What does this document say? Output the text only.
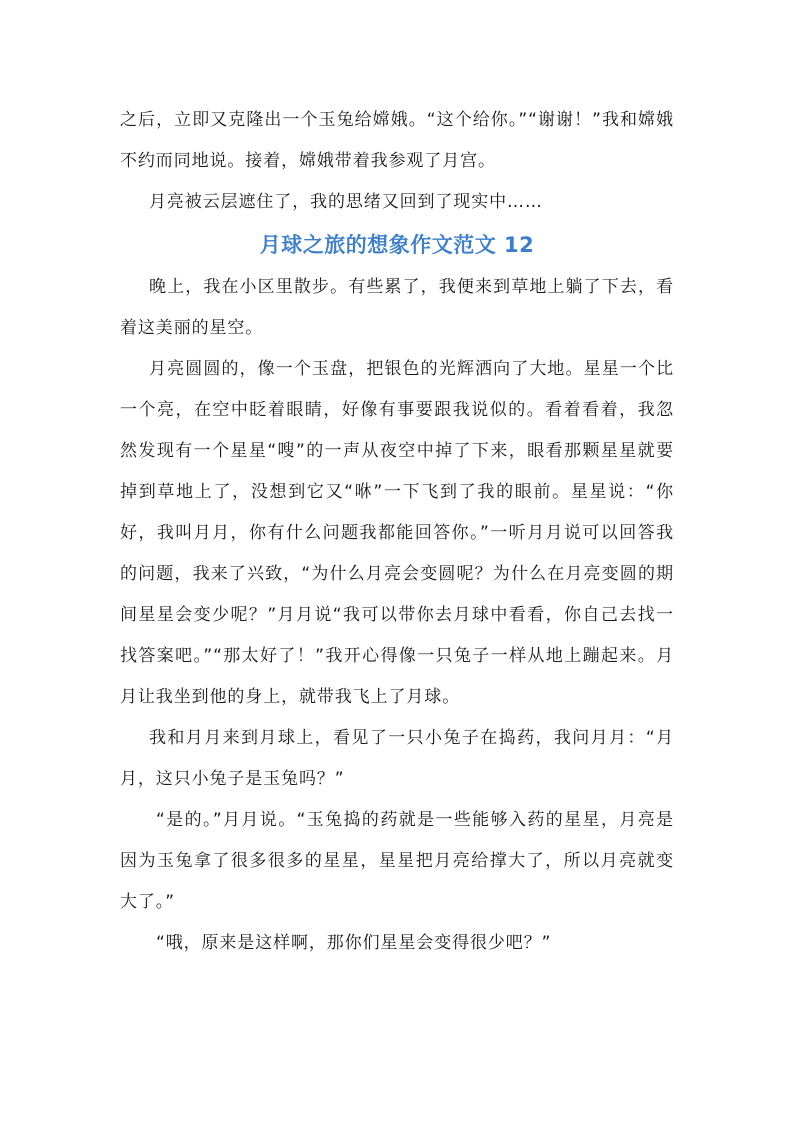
之后，立即又克隆出一个玉兔给嫦娥。“这个给你。”“谢谢！”我和嫦娥不约而同地说。接着，嫦娥带着我参观了月宫。

月亮被云层遮住了，我的思绪又回到了现实中……

月球之旅的想象作文范文 12

晚上，我在小区里散步。有些累了，我便来到草地上躺了下去，看着这美丽的星空。

月亮圆圆的，像一个玉盘，把银色的光辉洒向了大地。星星一个比一个亮，在空中眨着眼睛，好像有事要跟我说似的。看着看着，我忽然发现有一个星星“嗖”的一声从夜空中掉了下来，眼看那颗星星就要掉到草地上了，没想到它又“咻”一下飞到了我的眼前。星星说：“你好，我叫月月，你有什么问题我都能回答你。”一听月月说可以回答我的问题，我来了兴致，“为什么月亮会变圆呢？为什么在月亮变圆的期间星星会变少呢？”月月说“我可以带你去月球中看看，你自己去找一找答案吧。”“那太好了！”我开心得像一只兔子一样从地上蹦起来。月月让我坐到他的身上，就带我飞上了月球。

我和月月来到月球上，看见了一只小兔子在捣药，我问月月：“月月，这只小兔子是玉兔吗？”

“是的。”月月说。“玉兔捣的药就是一些能够入药的星星，月亮是因为玉兔拿了很多很多的星星，星星把月亮给撑大了，所以月亮就变大了。”

“哦，原来是这样啊，那你们星星会变得很少吧？”
